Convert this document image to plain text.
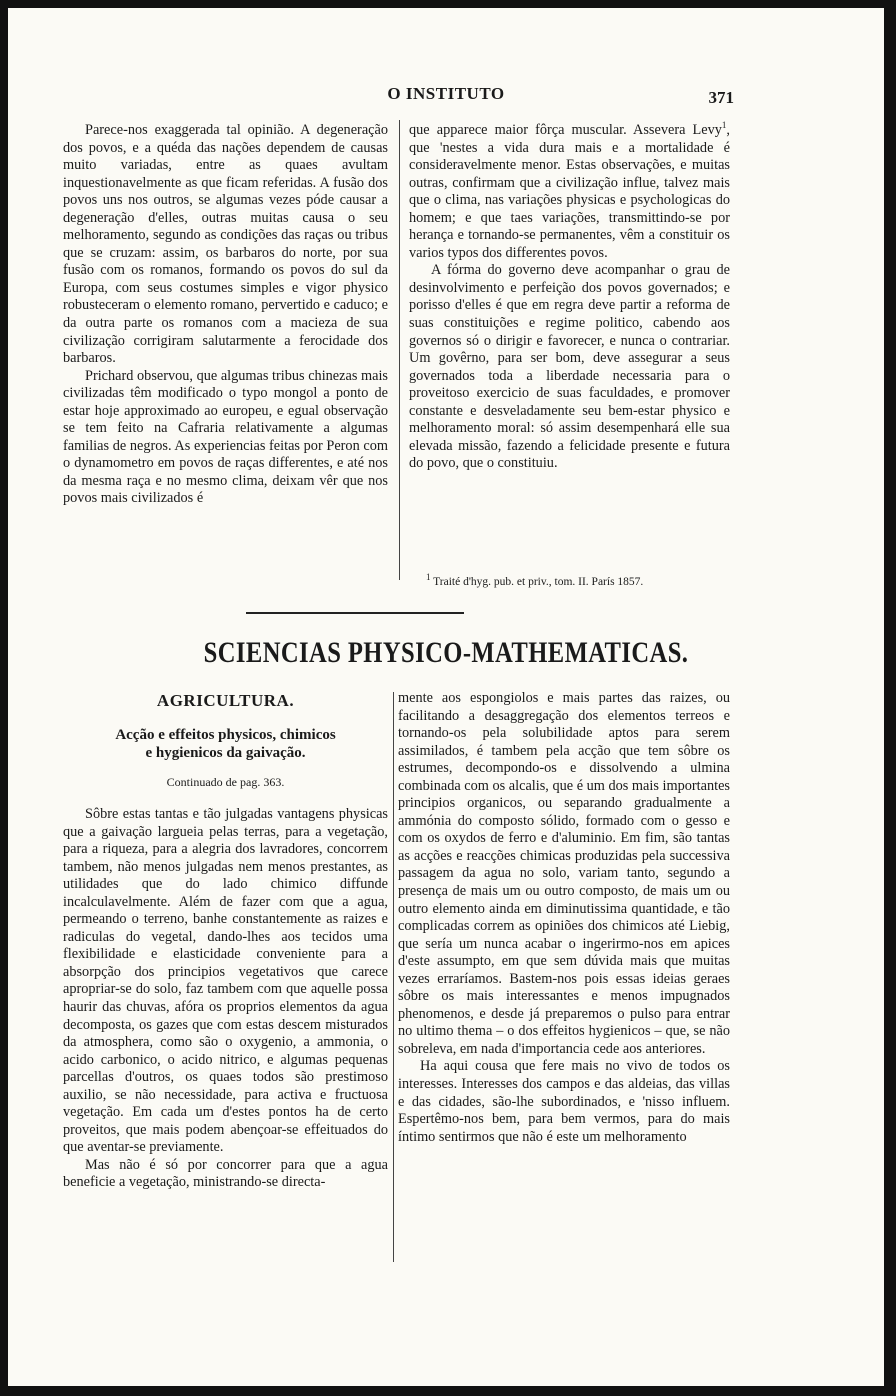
O INSTITUTO	371

Parece-nos exaggerada tal opinião. A degeneração dos povos, e a quéda das nações dependem de causas muito variadas, entre as quaes avultam inquestionavelmente as que ficam referidas. A fusão dos povos uns nos outros, se algumas vezes póde causar a degeneração d'elles, outras muitas causa o seu melhoramento, segundo as condições das raças ou tribus que se cruzam: assim, os barbaros do norte, por sua fusão com os romanos, formando os povos do sul da Europa, com seus costumes simples e vigor physico robusteceram o elemento romano, pervertido e caduco; e da outra parte os romanos com a macieza de sua civilização corrigiram salutarmente a ferocidade dos barbaros.

Prichard observou, que algumas tribus chinezas mais civilizadas têm modificado o typo mongol a ponto de estar hoje approximado ao europeu, e egual observação se tem feito na Cafraria relativamente a algumas familias de negros. As experiencias feitas por Peron com o dynamometro em povos de raças differentes, e até nos da mesma raça e no mesmo clima, deixam vêr que nos povos mais civilizados é

que apparece maior fôrça muscular. Assevera Levy$^1$, que 'nestes a vida dura mais e a mortalidade é consideravelmente menor. Estas observações, e muitas outras, confirmam que a civilização influe, talvez mais que o clima, nas variações physicas e psychologicas do homem; e que taes variações, transmittindo-se por herança e tornando-se permanentes, vêm a constituir os varios typos dos differentes povos.

A fórma do governo deve acompanhar o grau de desinvolvimento e perfeição dos povos governados; e porisso d'elles é que em regra deve partir a reforma de suas constituições e regime politico, cabendo aos governos só o dirigir e favorecer, e nunca o contrariar. Um govêrno, para ser bom, deve assegurar a seus governados toda a liberdade necessaria para o proveitoso exercicio de suas faculdades, e promover constante e desveladamente seu bem-estar physico e melhoramento moral: só assim desempenhará elle sua elevada missão, fazendo a felicidade presente e futura do povo, que o constituiu.

$^1$ Traité d'hyg. pub. et priv., tom. II. París 1857.
SCIENCIAS PHYSICO-MATHEMATICAS.
AGRICULTURA.
Acção e effeitos physicos, chimicos
e hygienicos da gaivação.
Continuado de pag. 363.

Sôbre estas tantas e tão julgadas vantagens physicas que a gaivação largueia pelas terras, para a vegetação, para a riqueza, para a alegria dos lavradores, concorrem tambem, não menos julgadas nem menos prestantes, as utilidades que do lado chimico diffunde incalculavelmente. Além de fazer com que a agua, permeando o terreno, banhe constantemente as raizes e radiculas do vegetal, dando-lhes aos tecidos uma flexibilidade e elasticidade conveniente para a absorpção dos principios vegetativos que carece apropriar-se do solo, faz tambem com que aquelle possa haurir das chuvas, afóra os proprios elementos da agua decomposta, os gazes que com estas descem misturados da atmosphera, como são o oxygenio, a ammonia, o acido carbonico, o acido nitrico, e algumas pequenas parcellas d'outros, os quaes todos são prestimoso auxilio, se não necessidade, para activa e fructuosa vegetação. Em cada um d'estes pontos ha de certo proveitos, que mais podem abençoar-se effeituados do que aventar-se previamente.

Mas não é só por concorrer para que a agua beneficie a vegetação, ministrando-se directa-

mente aos espongiolos e mais partes das raizes, ou facilitando a desaggregação dos elementos terreos e tornando-os pela solubilidade aptos para serem assimilados, é tambem pela acção que tem sôbre os estrumes, decompondo-os e dissolvendo a ulmina combinada com os alcalis, que é um dos mais importantes principios organicos, ou separando gradualmente a ammónia do composto sólido, formado com o gesso e com os oxydos de ferro e d'aluminio. Em fim, são tantas as acções e reacções chimicas produzidas pela successiva passagem da agua no solo, variam tanto, segundo a presença de mais um ou outro composto, de mais um ou outro elemento ainda em diminutissima quantidade, e tão complicadas correm as opiniões dos chimicos até Liebig, que sería um nunca acabar o ingerirmo-nos em apices d'este assumpto, em que sem dúvida mais que muitas vezes erraríamos. Bastem-nos pois essas ideias geraes sôbre os mais interessantes e menos impugnados phenomenos, e desde já preparemos o pulso para entrar no ultimo thema – o dos effeitos hygienicos – que, se não sobreleva, em nada d'importancia cede aos anteriores.

Ha aqui cousa que fere mais no vivo de todos os interesses. Interesses dos campos e das aldeias, das villas e das cidades, são-lhe subordinados, e 'nisso influem. Espertêmo-nos bem, para bem vermos, para do mais íntimo sentirmos que não é este um melhoramento
